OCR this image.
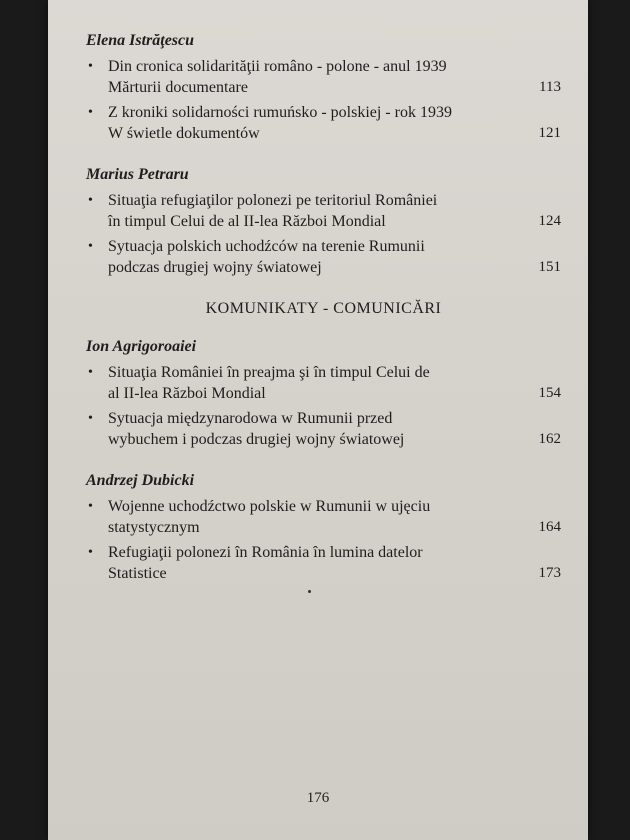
Elena Istrăţescu
• Din cronica solidarităţii româno - polone - anul 1939
Mărturii documentare	113
• Z kroniki solidarności rumuńsko - polskiej - rok 1939
W świetle dokumentów	121
Marius Petraru
• Situaţia refugiaţilor polonezi pe teritoriul României
în timpul Celui de al II-lea Război Mondial	124
• Sytuacja polskich uchodźców na terenie Rumunii
podczas drugiej wojny światowej	151
KOMUNIKATY - COMUNICĂRI
Ion Agrigoroaiei
• Situaţia României în preajma şi în timpul Celui de
al II-lea Război Mondial	154
• Sytuacja międzynarodowa w Rumunii przed
wybuchem i podczas drugiej wojny światowej	162
Andrzej Dubicki
• Wojenne uchodźctwo polskie w Rumunii w ujęciu
statystycznym	164
• Refugiaţii polonezi în România în lumina datelor
Statistice	173
176
